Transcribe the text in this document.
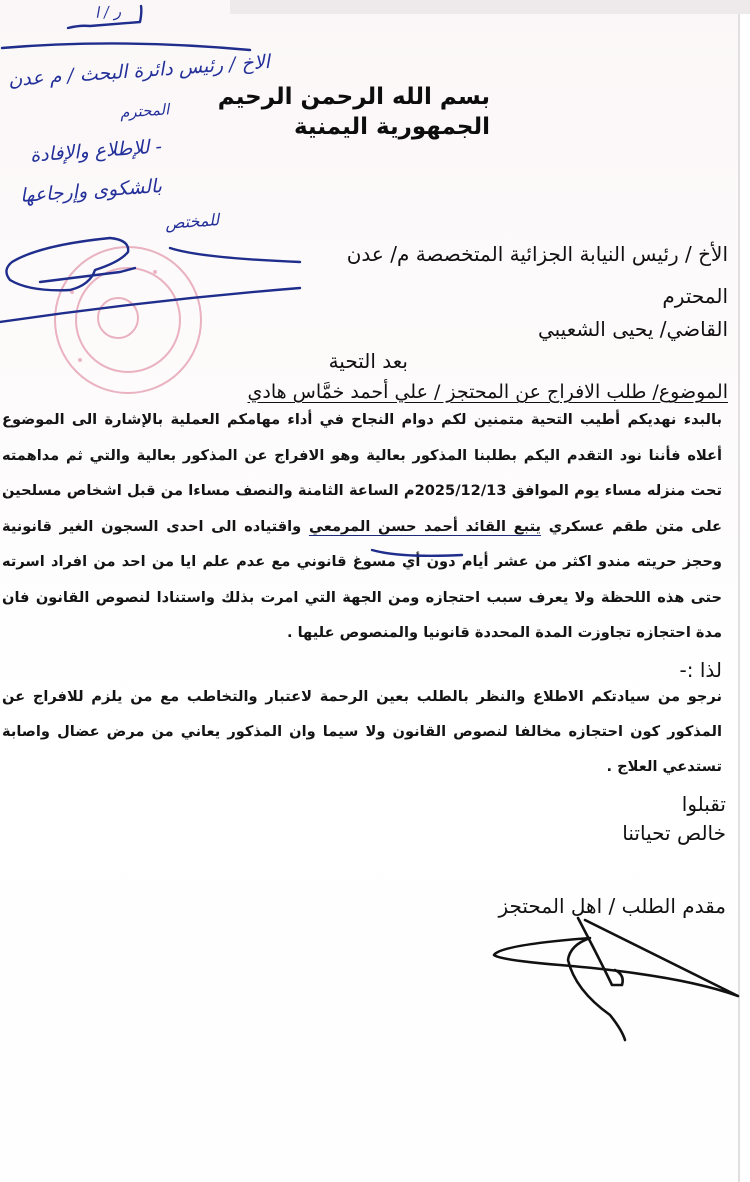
بسم الله الرحمن الرحيم
الجمهورية اليمنية
الأخ / رئيس النيابة الجزائية المتخصصة م/ عدن
المحترم
القاضي/ يحيى الشعيبي
بعد التحية
الموضوع/ طلب الافراج عن المحتجز / علي أحمد خمَّاس هادي
بالبدء نهديكم أطيب التحية متمنين لكم دوام النجاح في أداء مهامكم العملية بالإشارة الى الموضوع أعلاه فأننا نود التقدم اليكم بطلبنا المذكور بعالية وهو الافراج عن المذكور بعالية والتي ثم مداهمته تحت منزله مساء يوم الموافق 2025/12/13م الساعة الثامنة والنصف مساءا من قبل اشخاص مسلحين على متن طقم عسكري يتبع القائد أحمد حسن المرمعي واقتياده الى احدى السجون الغير قانونية وحجز حريته مندو اكثر من عشر أيام دون أي مسوغ قانوني مع عدم علم ايا من احد من افراد اسرته حتى هذه اللحظة ولا يعرف سبب احتجازه ومن الجهة التي امرت بذلك واستنادا لنصوص القانون فان مدة احتجازه تجاوزت المدة المحددة قانونيا والمنصوص عليها .
لذا :-
نرجو من سيادتكم الاطلاع والنظر بالطلب بعين الرحمة لاعتبار والتخاطب مع من يلزم للافراج عن المذكور كون احتجازه مخالفا لنصوص القانون ولا سيما وان المذكور يعاني من مرض عضال واصابة تستدعي العلاج .
تقبلوا
خالص تحياتنا
مقدم الطلب / اهل المحتجز
ر / ا
الاخ / رئيس دائرة البحث / م عدن
المحترم
- للإطلاع والإفادة
بالشكوى وإرجاعها
للمختص
